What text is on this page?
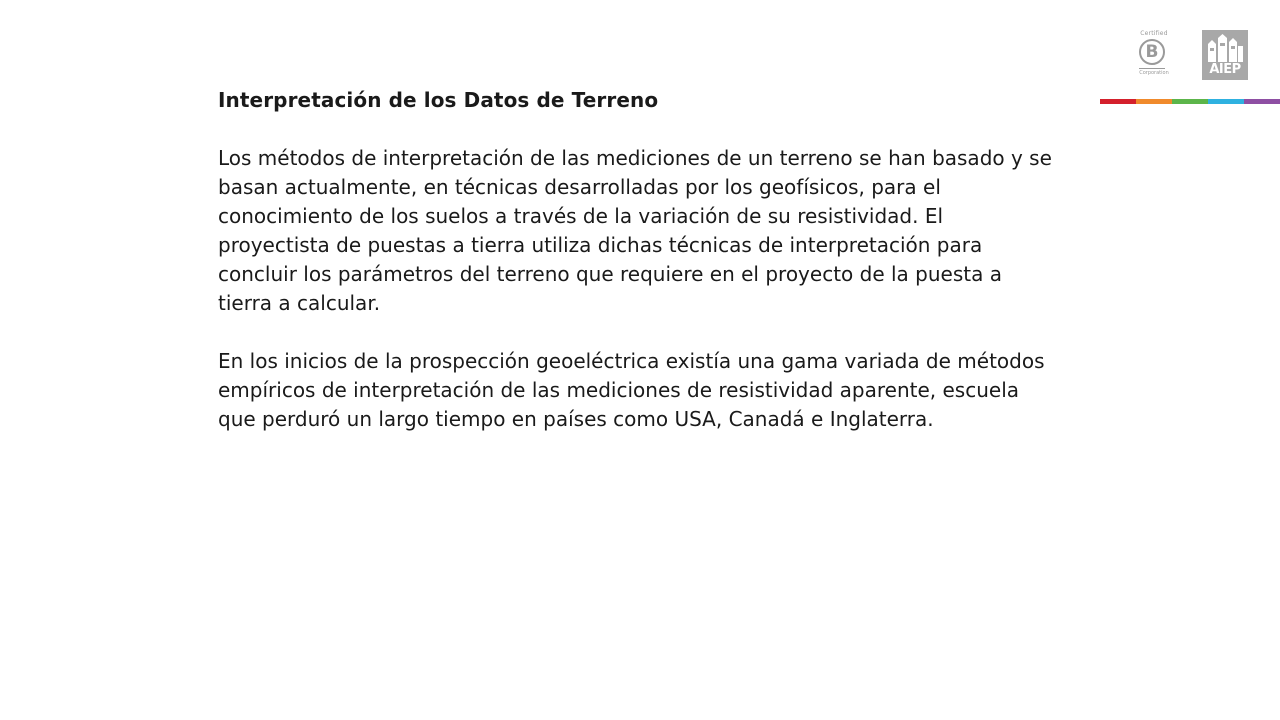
Interpretación de los Datos de Terreno

Los métodos de interpretación de las mediciones de un terreno se han basado y se basan actualmente, en técnicas desarrolladas por los geofísicos, para el conocimiento de los suelos a través de la variación de su resistividad. El proyectista de puestas a tierra utiliza dichas técnicas de interpretación para concluir los parámetros del terreno que requiere en el proyecto de la puesta a tierra a calcular.

En los inicios de la prospección geoeléctrica existía una gama variada de métodos empíricos de interpretación de las mediciones de resistividad aparente, escuela que perduró un largo tiempo en países como USA, Canadá e Inglaterra.

Certified
B
Corporation	AIEP
